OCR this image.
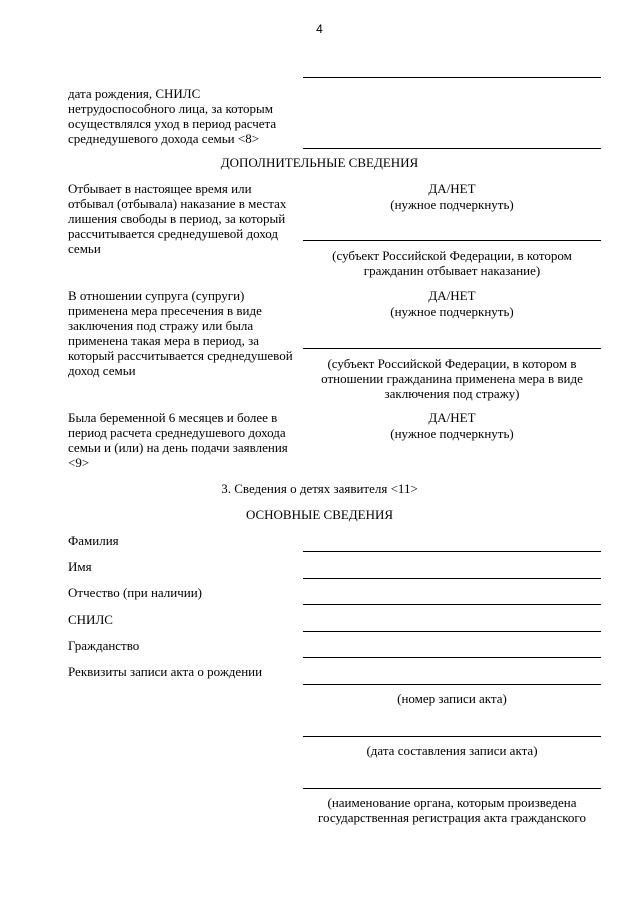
4
дата рождения, СНИЛС
нетрудоспособного лица, за которым
осуществлялся уход в период расчета
среднедушевого дохода семьи <8>
ДОПОЛНИТЕЛЬНЫЕ СВЕДЕНИЯ
Отбывает в настоящее время или
отбывал (отбывала) наказание в местах
лишения свободы в период, за который
рассчитывается среднедушевой доход
семьи
ДА/НЕТ
(нужное подчеркнуть)
(субъект Российской Федерации, в котором
гражданин отбывает наказание)
В отношении супруга (супруги)
применена мера пресечения в виде
заключения под стражу или была
применена такая мера в период, за
который рассчитывается среднедушевой
доход семьи
ДА/НЕТ
(нужное подчеркнуть)
(субъект Российской Федерации, в котором в
отношении гражданина применена мера в виде
заключения под стражу)
Была беременной 6 месяцев и более в
период расчета среднедушевого дохода
семьи и (или) на день подачи заявления
<9>
ДА/НЕТ
(нужное подчеркнуть)
3. Сведения о детях заявителя <11>
ОСНОВНЫЕ СВЕДЕНИЯ
Фамилия
Имя
Отчество (при наличии)
СНИЛС
Гражданство
Реквизиты записи акта о рождении
(номер записи акта)
(дата составления записи акта)
(наименование органа, которым произведена
государственная регистрация акта гражданского
